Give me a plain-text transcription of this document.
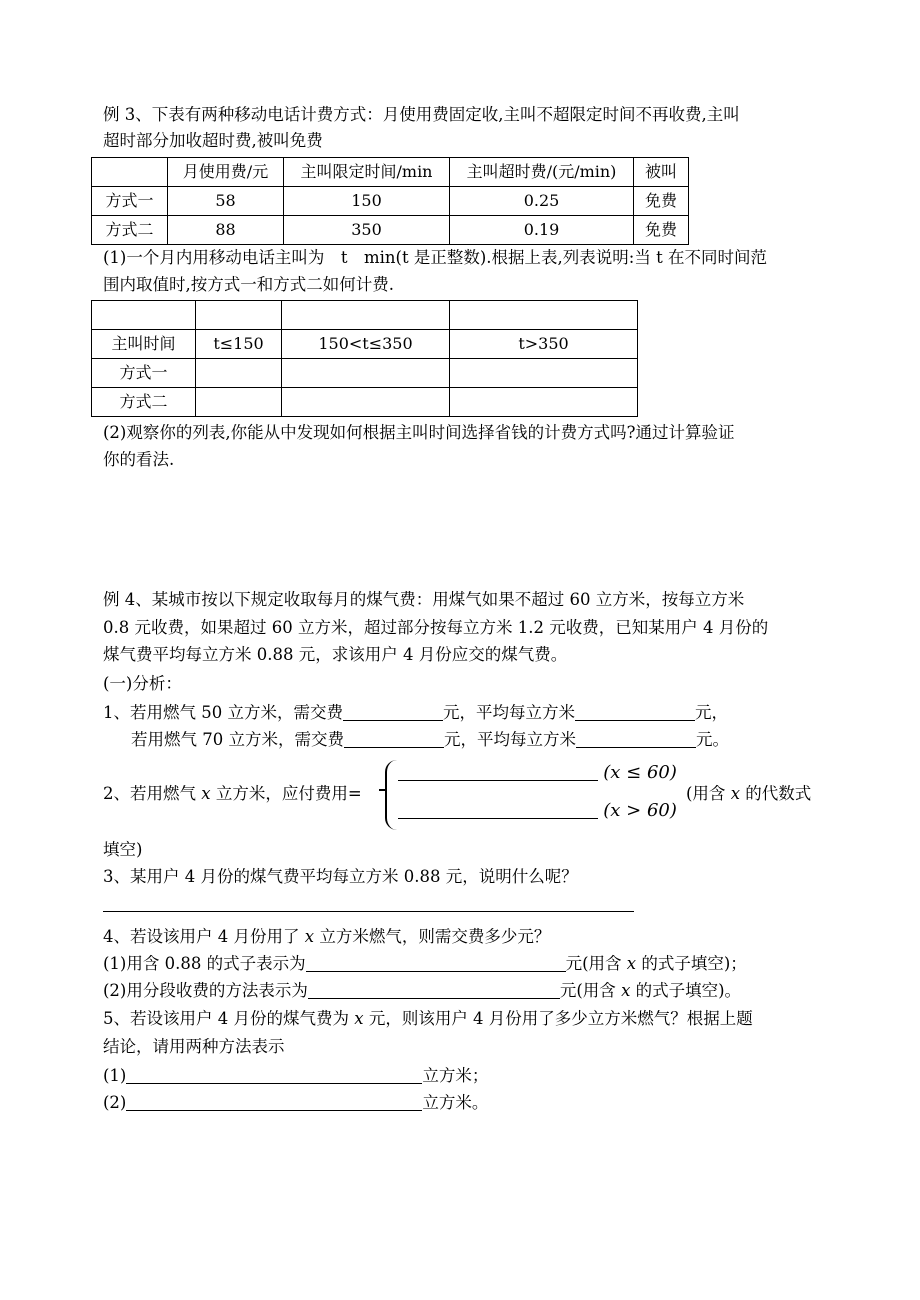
例 3、下表有两种移动电话计费方式：月使用费固定收,主叫不超限定时间不再收费,主叫
超时部分加收超时费,被叫免费
	月使用费/元	主叫限定时间/min	主叫超时费/(元/min)	被叫
方式一	58	150	0.25	免费
方式二	88	350	0.19	免费
(1)一个月内用移动电话主叫为　t　min(t 是正整数).根据上表,列表说明:当 t 在不同时间范
围内取值时,按方式一和方式二如何计费.

主叫时间	t≤150	150<t≤350	t>350
方式一			
方式二			
(2)观察你的列表,你能从中发现如何根据主叫时间选择省钱的计费方式吗?通过计算验证
你的看法.
例 4、某城市按以下规定收取每月的煤气费：用煤气如果不超过 60 立方米，按每立方米
0.8 元收费，如果超过 60 立方米，超过部分按每立方米 1.2 元收费，已知某用户 4 月份的
煤气费平均每立方米 0.88 元，求该用户 4 月份应交的煤气费。
(一)分析：
1、若用燃气 50 立方米，需交费	元，平均每立方米	元，
若用燃气 70 立方米，需交费	元，平均每立方米	元。
2、若用燃气 x 立方米，应付费用=
(x ≤ 60)
(x > 60)
(用含 x 的代数式
填空)
3、某用户 4 月份的煤气费平均每立方米 0.88 元，说明什么呢？
4、若设该用户 4 月份用了 x 立方米燃气，则需交费多少元？
(1)用含 0.88 的式子表示为	元(用含 x 的式子填空)；
(2)用分段收费的方法表示为	元(用含 x 的式子填空)。
5、若设该用户 4 月份的煤气费为 x 元，则该用户 4 月份用了多少立方米燃气？根据上题
结论，请用两种方法表示
(1)	立方米；
(2)	立方米。
